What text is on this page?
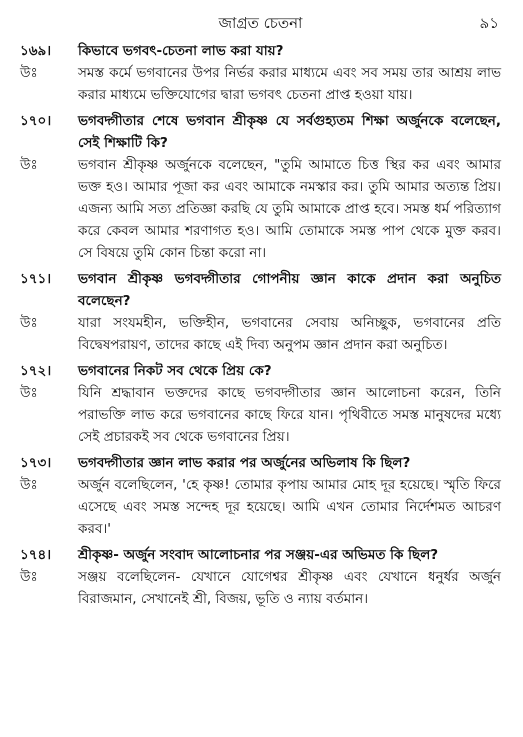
জাগ্রত চেতনা	৯১
১৬৯।	কিভাবে ভগবৎ-চেতনা লাভ করা যায়?
উঃ	সমস্ত কর্মে ভগবানের উপর নির্ভর করার মাধ্যমে এবং সব সময় তার আশ্রয় লাভ করার মাধ্যমে ভক্তিযোগের দ্বারা ভগবৎ চেতনা প্রাপ্ত হওয়া যায়।
১৭০।	ভগবদ্গীতার শেষে ভগবান শ্রীকৃষ্ণ যে সর্বগুহ্যতম শিক্ষা অর্জুনকে বলেছেন, সেই শিক্ষাটি কি?
উঃ	ভগবান শ্রীকৃষ্ণ অর্জুনকে বলেছেন, "তুমি আমাতে চিত্ত স্থির কর এবং আমার ভক্ত হও। আমার পূজা কর এবং আমাকে নমস্কার কর। তুমি আমার অত্যন্ত প্রিয়। এজন্য আমি সত্য প্রতিজ্ঞা করছি যে তুমি আমাকে প্রাপ্ত হবে। সমস্ত ধর্ম পরিত্যাগ করে কেবল আমার শরণাগত হও। আমি তোমাকে সমস্ত পাপ থেকে মুক্ত করব। সে বিষয়ে তুমি কোন চিন্তা করো না।
১৭১।	ভগবান শ্রীকৃষ্ণ ভগবদ্গীতার গোপনীয় জ্ঞান কাকে প্রদান করা অনুচিত বলেছেন?
উঃ	যারা সংযমহীন, ভক্তিহীন, ভগবানের সেবায় অনিচ্ছুক, ভগবানের প্রতি বিদ্বেষপরায়ণ, তাদের কাছে এই দিব্য অনুপম জ্ঞান প্রদান করা অনুচিত।
১৭২।	ভগবানের নিকট সব থেকে প্রিয় কে?
উঃ	যিনি শ্রদ্ধাবান ভক্তদের কাছে ভগবদ্গীতার জ্ঞান আলোচনা করেন, তিনি পরাভক্তি লাভ করে ভগবানের কাছে ফিরে যান। পৃথিবীতে সমস্ত মানুষদের মধ্যে সেই প্রচারকই সব থেকে ভগবানের প্রিয়।
১৭৩।	ভগবদ্গীতার জ্ঞান লাভ করার পর অর্জুনের অভিলাষ কি ছিল?
উঃ	অর্জুন বলেছিলেন, 'হে কৃষ্ণ! তোমার কৃপায় আমার মোহ দূর হয়েছে। স্মৃতি ফিরে এসেছে এবং সমস্ত সন্দেহ দূর হয়েছে। আমি এখন তোমার নির্দেশমত আচরণ করব।'
১৭৪।	শ্রীকৃষ্ণ- অর্জুন সংবাদ আলোচনার পর সঞ্জয়-এর অভিমত কি ছিল?
উঃ	সঞ্জয় বলেছিলেন- যেখানে যোগেশ্বর শ্রীকৃষ্ণ এবং যেখানে ধনুর্ধর অর্জুন বিরাজমান, সেখানেই শ্রী, বিজয়, ভূতি ও ন্যায় বর্তমান।
